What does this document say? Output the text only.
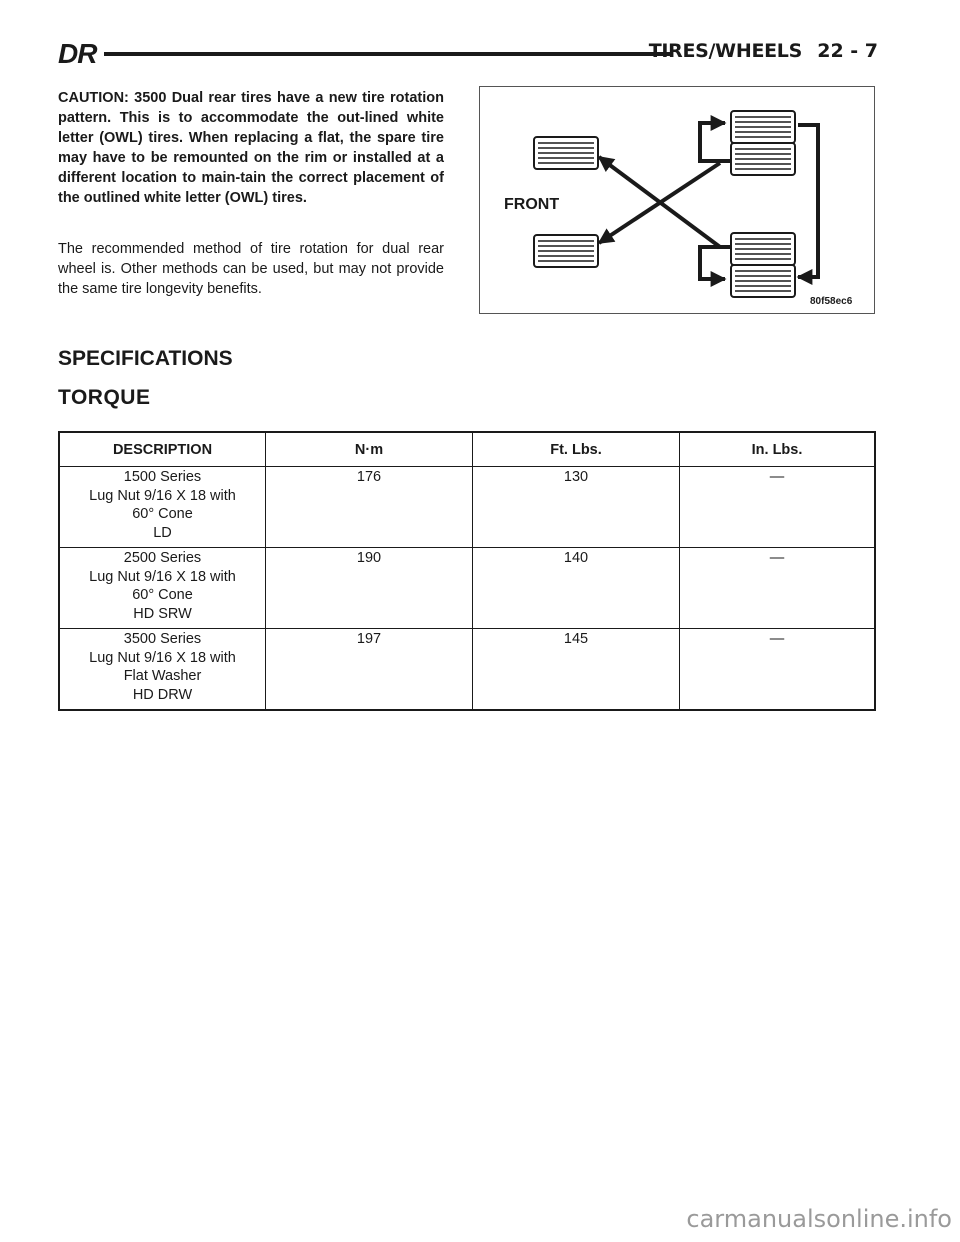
DR	TIRES/WHEELS 22 - 7

CAUTION: 3500 Dual rear tires have a new tire rotation pattern. This is to accommodate the out-lined white letter (OWL) tires. When replacing a flat, the spare tire may have to be remounted on the rim or installed at a different location to main-tain the correct placement of the outlined white letter (OWL) tires.

The recommended method of tire rotation for dual rear wheel is. Other methods can be used, but may not provide the same tire longevity benefits.

FRONT
80f58ec6
SPECIFICATIONS
TORQUE
DESCRIPTION	N·m	Ft. Lbs.	In. Lbs.

1500 Series
Lug Nut 9/16 X 18 with
60° Cone
LD	176	130	—

2500 Series
Lug Nut 9/16 X 18 with
60° Cone
HD SRW	190	140	—

3500 Series
Lug Nut 9/16 X 18 with
Flat Washer
HD DRW	197	145	—
carmanualsonline.info
